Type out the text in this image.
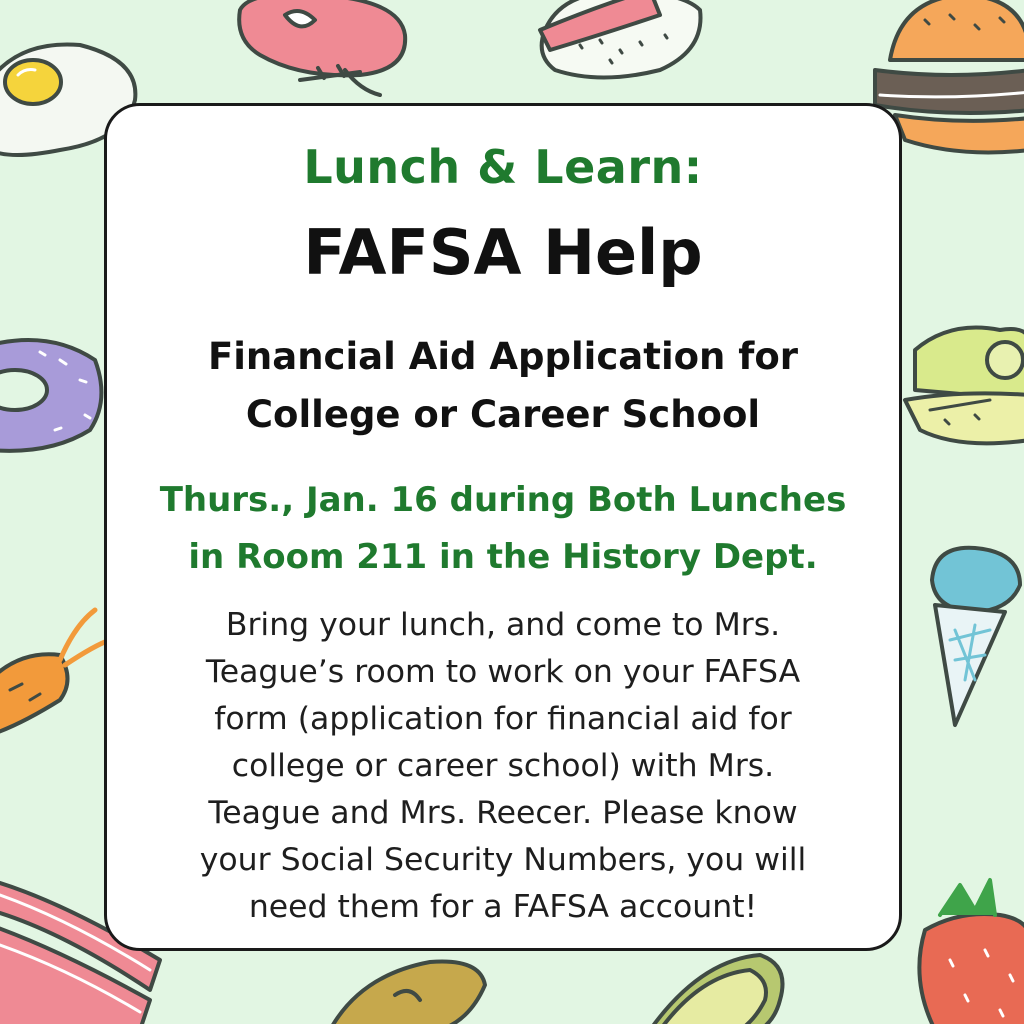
Lunch & Learn:
FAFSA Help
Financial Aid Application for
College or Career School
Thurs., Jan. 16 during Both Lunches
in Room 211 in the History Dept.
Bring your lunch, and come to Mrs.
Teague’s room to work on your FAFSA
form (application for financial aid for
college or career school) with Mrs.
Teague and Mrs. Reecer. Please know
your Social Security Numbers, you will
need them for a FAFSA account!
